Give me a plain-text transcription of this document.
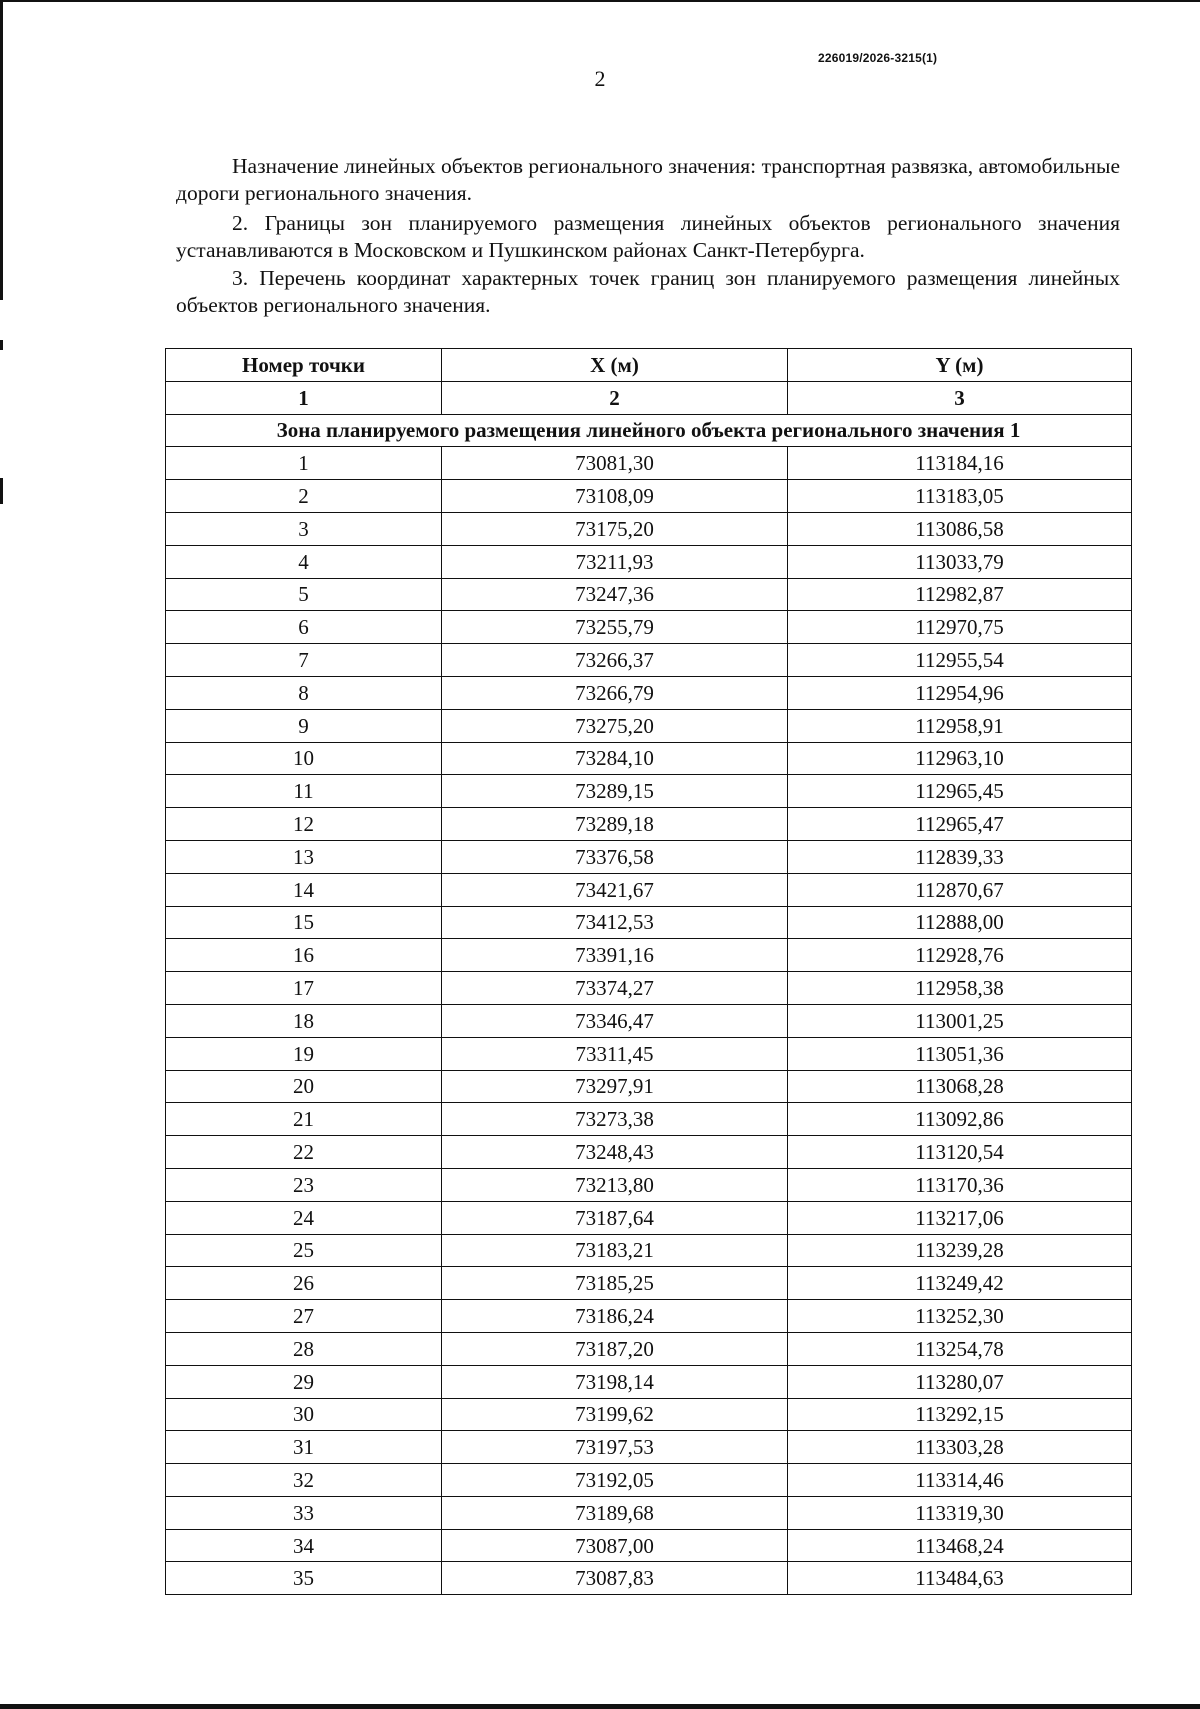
226019/2026-3215(1)
2
Назначение линейных объектов регионального значения: транспортная развязка, автомобильные дороги регионального значения.
2. Границы зон планируемого размещения линейных объектов регионального значения устанавливаются в Московском и Пушкинском районах Санкт-Петербурга.
3. Перечень координат характерных точек границ зон планируемого размещения линейных объектов регионального значения.
Номер точки	X (м)	Y (м)
1	2	3
Зона планируемого размещения линейного объекта регионального значения 1		
1	73081,30	113184,16
2	73108,09	113183,05
3	73175,20	113086,58
4	73211,93	113033,79
5	73247,36	112982,87
6	73255,79	112970,75
7	73266,37	112955,54
8	73266,79	112954,96
9	73275,20	112958,91
10	73284,10	112963,10
11	73289,15	112965,45
12	73289,18	112965,47
13	73376,58	112839,33
14	73421,67	112870,67
15	73412,53	112888,00
16	73391,16	112928,76
17	73374,27	112958,38
18	73346,47	113001,25
19	73311,45	113051,36
20	73297,91	113068,28
21	73273,38	113092,86
22	73248,43	113120,54
23	73213,80	113170,36
24	73187,64	113217,06
25	73183,21	113239,28
26	73185,25	113249,42
27	73186,24	113252,30
28	73187,20	113254,78
29	73198,14	113280,07
30	73199,62	113292,15
31	73197,53	113303,28
32	73192,05	113314,46
33	73189,68	113319,30
34	73087,00	113468,24
35	73087,83	113484,63
